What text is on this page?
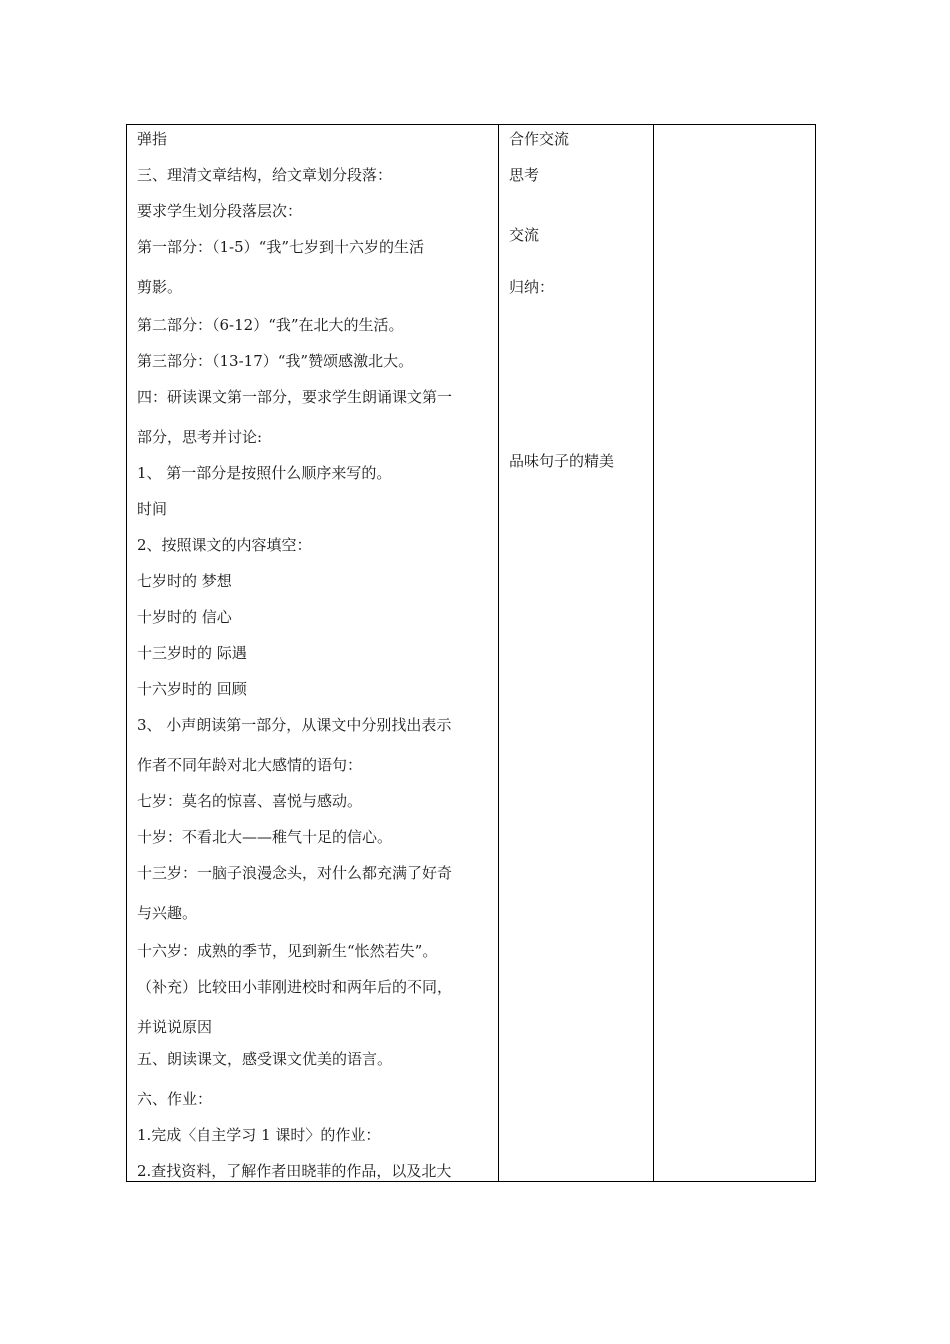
弹指
三、理清文章结构，给文章划分段落：
要求学生划分段落层次：
第一部分：（1-5）“我”七岁到十六岁的生活
剪影。
第二部分：（6-12）“我”在北大的生活。
第三部分：（13-17）“我”赞颂感激北大。
四：研读课文第一部分，要求学生朗诵课文第一
部分，思考并讨论:
1、 第一部分是按照什么顺序来写的。
时间
2、按照课文的内容填空：
七岁时的 梦想
十岁时的 信心
十三岁时的 际遇
十六岁时的 回顾
3、 小声朗读第一部分，从课文中分别找出表示
作者不同年龄对北大感情的语句：
七岁：莫名的惊喜、喜悦与感动。
十岁：不看北大——稚气十足的信心。
十三岁：一脑子浪漫念头，对什么都充满了好奇
与兴趣。
十六岁：成熟的季节，见到新生“怅然若失”。
（补充）比较田小菲刚进校时和两年后的不同，
并说说原因
五、朗读课文，感受课文优美的语言。
六、作业：
1.完成〈自主学习 1 课时〉的作业：
2.查找资料，了解作者田晓菲的作品，以及北大
合作交流
思考
交流
归纳：
品味句子的精美
